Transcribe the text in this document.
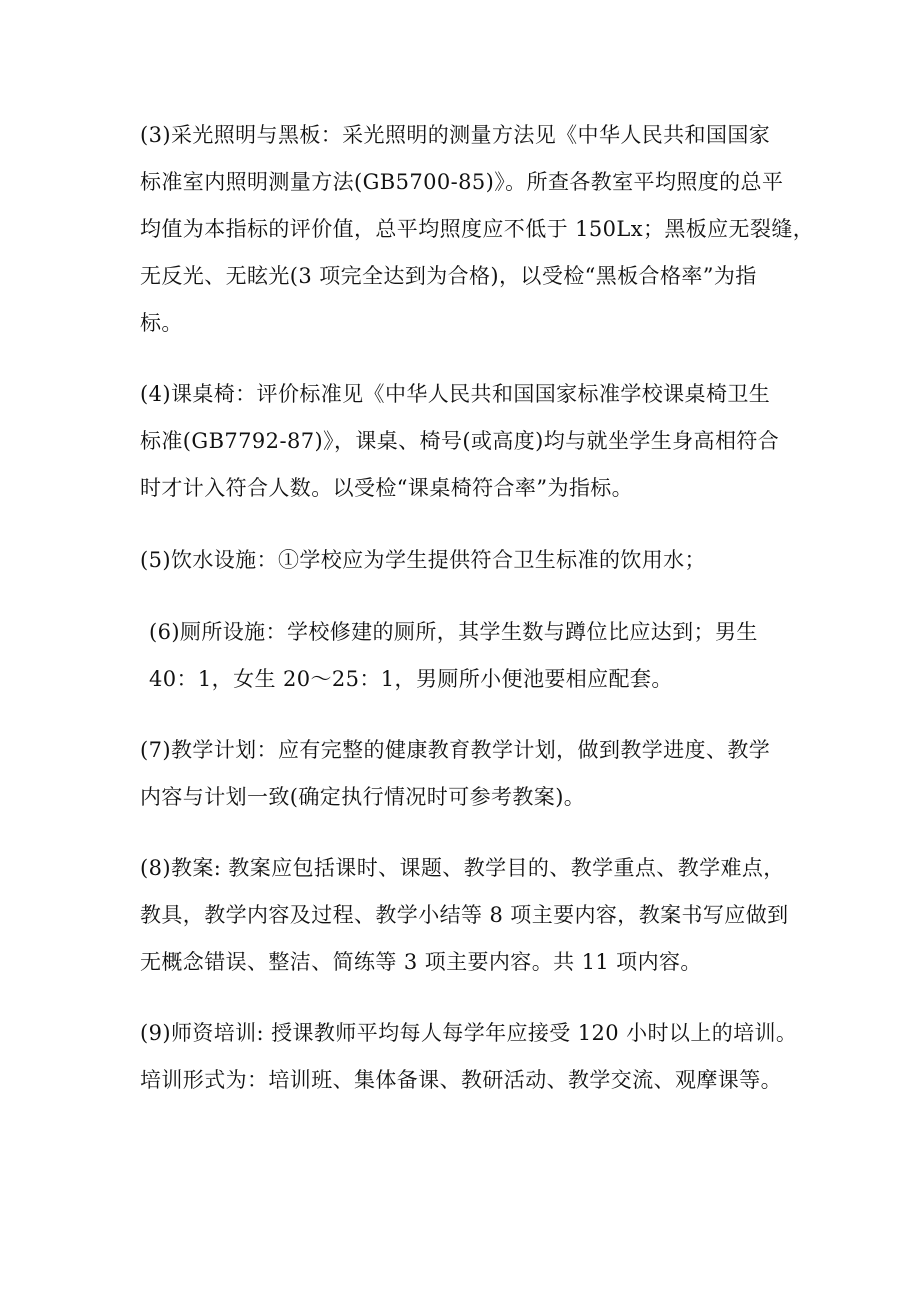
(3)采光照明与黑板：采光照明的测量方法见《中华人民共和国国家
标准室内照明测量方法(GB5700-85)》。所查各教室平均照度的总平
均值为本指标的评价值，总平均照度应不低于 150Lx；黑板应无裂缝，
无反光、无眩光(3 项完全达到为合格)，以受检“黑板合格率”为指
标。

(4)课桌椅：评价标准见《中华人民共和国国家标准学校课桌椅卫生
标准(GB7792-87)》，课桌、椅号(或高度)均与就坐学生身高相符合
时才计入符合人数。以受检“课桌椅符合率”为指标。

(5)饮水设施：①学校应为学生提供符合卫生标准的饮用水；

(6)厕所设施：学校修建的厕所，其学生数与蹲位比应达到；男生
40：1，女生 20～25：1，男厕所小便池要相应配套。

(7)教学计划：应有完整的健康教育教学计划，做到教学进度、教学
内容与计划一致(确定执行情况时可参考教案)。

(8)教案: 教案应包括课时、课题、教学目的、教学重点、教学难点，
教具，教学内容及过程、教学小结等 8 项主要内容，教案书写应做到
无概念错误、整洁、简练等 3 项主要内容。共 11 项内容。

(9)师资培训: 授课教师平均每人每学年应接受 120 小时以上的培训。
培训形式为：培训班、集体备课、教研活动、教学交流、观摩课等。
